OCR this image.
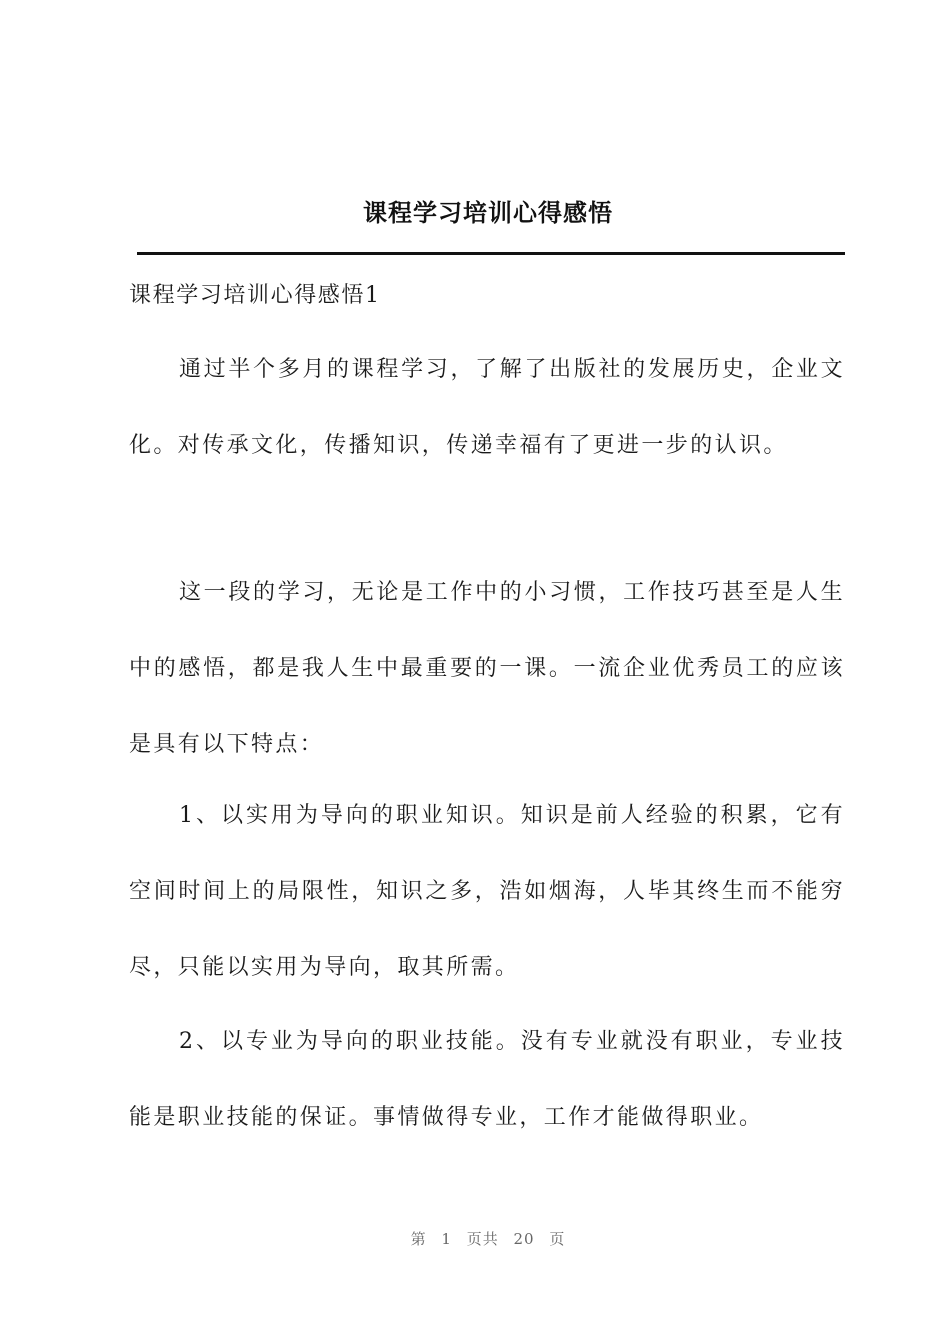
课程学习培训心得感悟

课程学习培训心得感悟1

通过半个多月的课程学习，了解了出版社的发展历史，企业文化。对传承文化，传播知识，传递幸福有了更进一步的认识。

这一段的学习，无论是工作中的小习惯，工作技巧甚至是人生中的感悟，都是我人生中最重要的一课。一流企业优秀员工的应该是具有以下特点：

1、以实用为导向的职业知识。知识是前人经验的积累，它有空间时间上的局限性，知识之多，浩如烟海，人毕其终生而不能穷尽，只能以实用为导向，取其所需。

2、以专业为导向的职业技能。没有专业就没有职业，专业技能是职业技能的保证。事情做得专业，工作才能做得职业。

第 1 页共 20 页
